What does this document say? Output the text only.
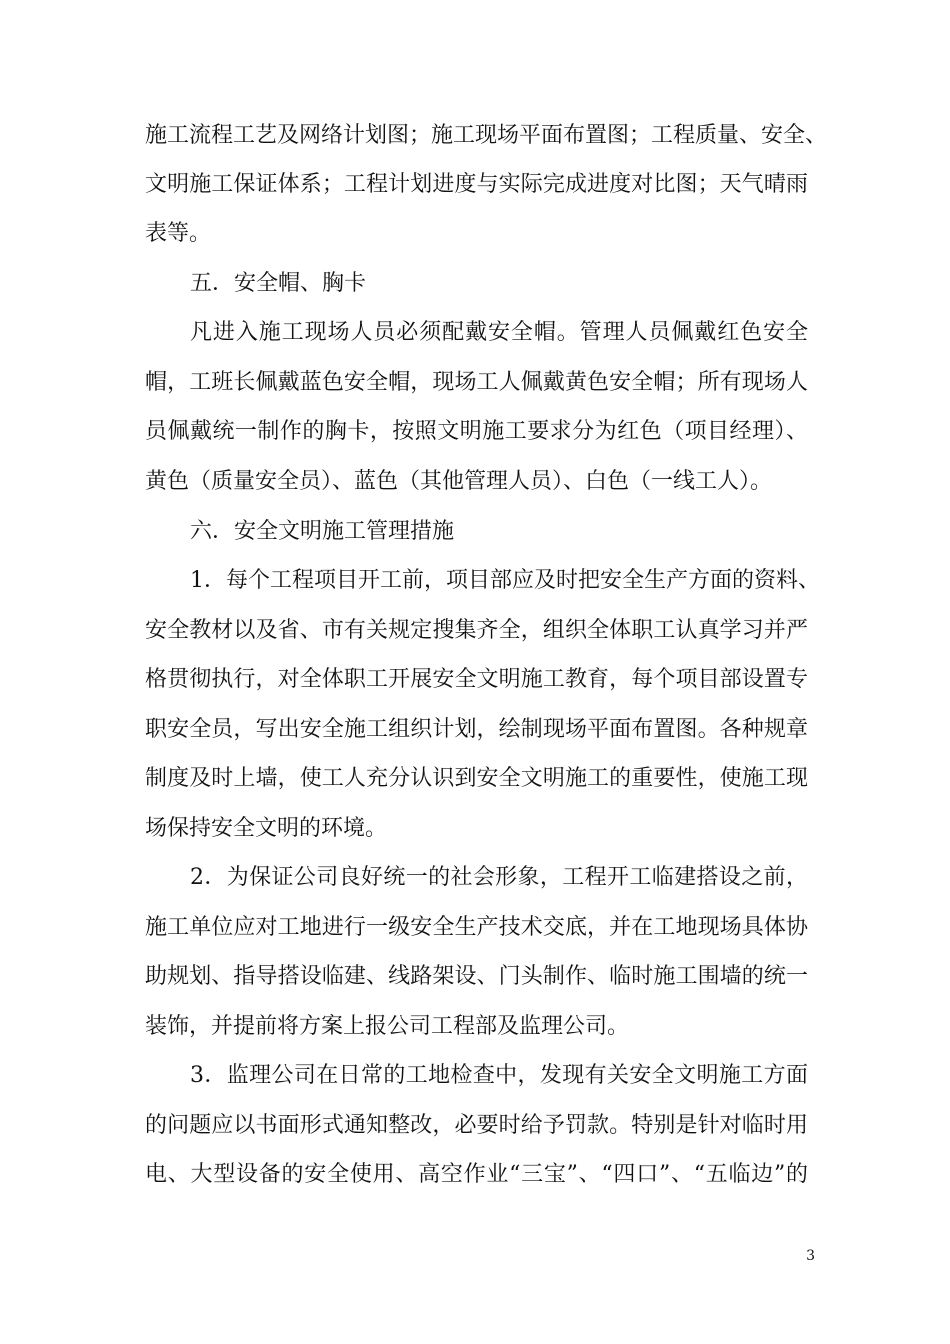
施工流程工艺及网络计划图；施工现场平面布置图；工程质量、安全、
文明施工保证体系；工程计划进度与实际完成进度对比图；天气晴雨
表等。
五．安全帽、胸卡
凡进入施工现场人员必须配戴安全帽。管理人员佩戴红色安全
帽，工班长佩戴蓝色安全帽，现场工人佩戴黄色安全帽；所有现场人
员佩戴统一制作的胸卡，按照文明施工要求分为红色（项目经理）、
黄色（质量安全员）、蓝色（其他管理人员）、白色（一线工人）。
六．安全文明施工管理措施
1．每个工程项目开工前，项目部应及时把安全生产方面的资料、
安全教材以及省、市有关规定搜集齐全，组织全体职工认真学习并严
格贯彻执行，对全体职工开展安全文明施工教育，每个项目部设置专
职安全员，写出安全施工组织计划，绘制现场平面布置图。各种规章
制度及时上墙，使工人充分认识到安全文明施工的重要性，使施工现
场保持安全文明的环境。
2．为保证公司良好统一的社会形象，工程开工临建搭设之前，
施工单位应对工地进行一级安全生产技术交底，并在工地现场具体协
助规划、指导搭设临建、线路架设、门头制作、临时施工围墙的统一
装饰，并提前将方案上报公司工程部及监理公司。
3．监理公司在日常的工地检查中，发现有关安全文明施工方面
的问题应以书面形式通知整改，必要时给予罚款。特别是针对临时用
电、大型设备的安全使用、高空作业“三宝”、“四口”、“五临边”的
3
